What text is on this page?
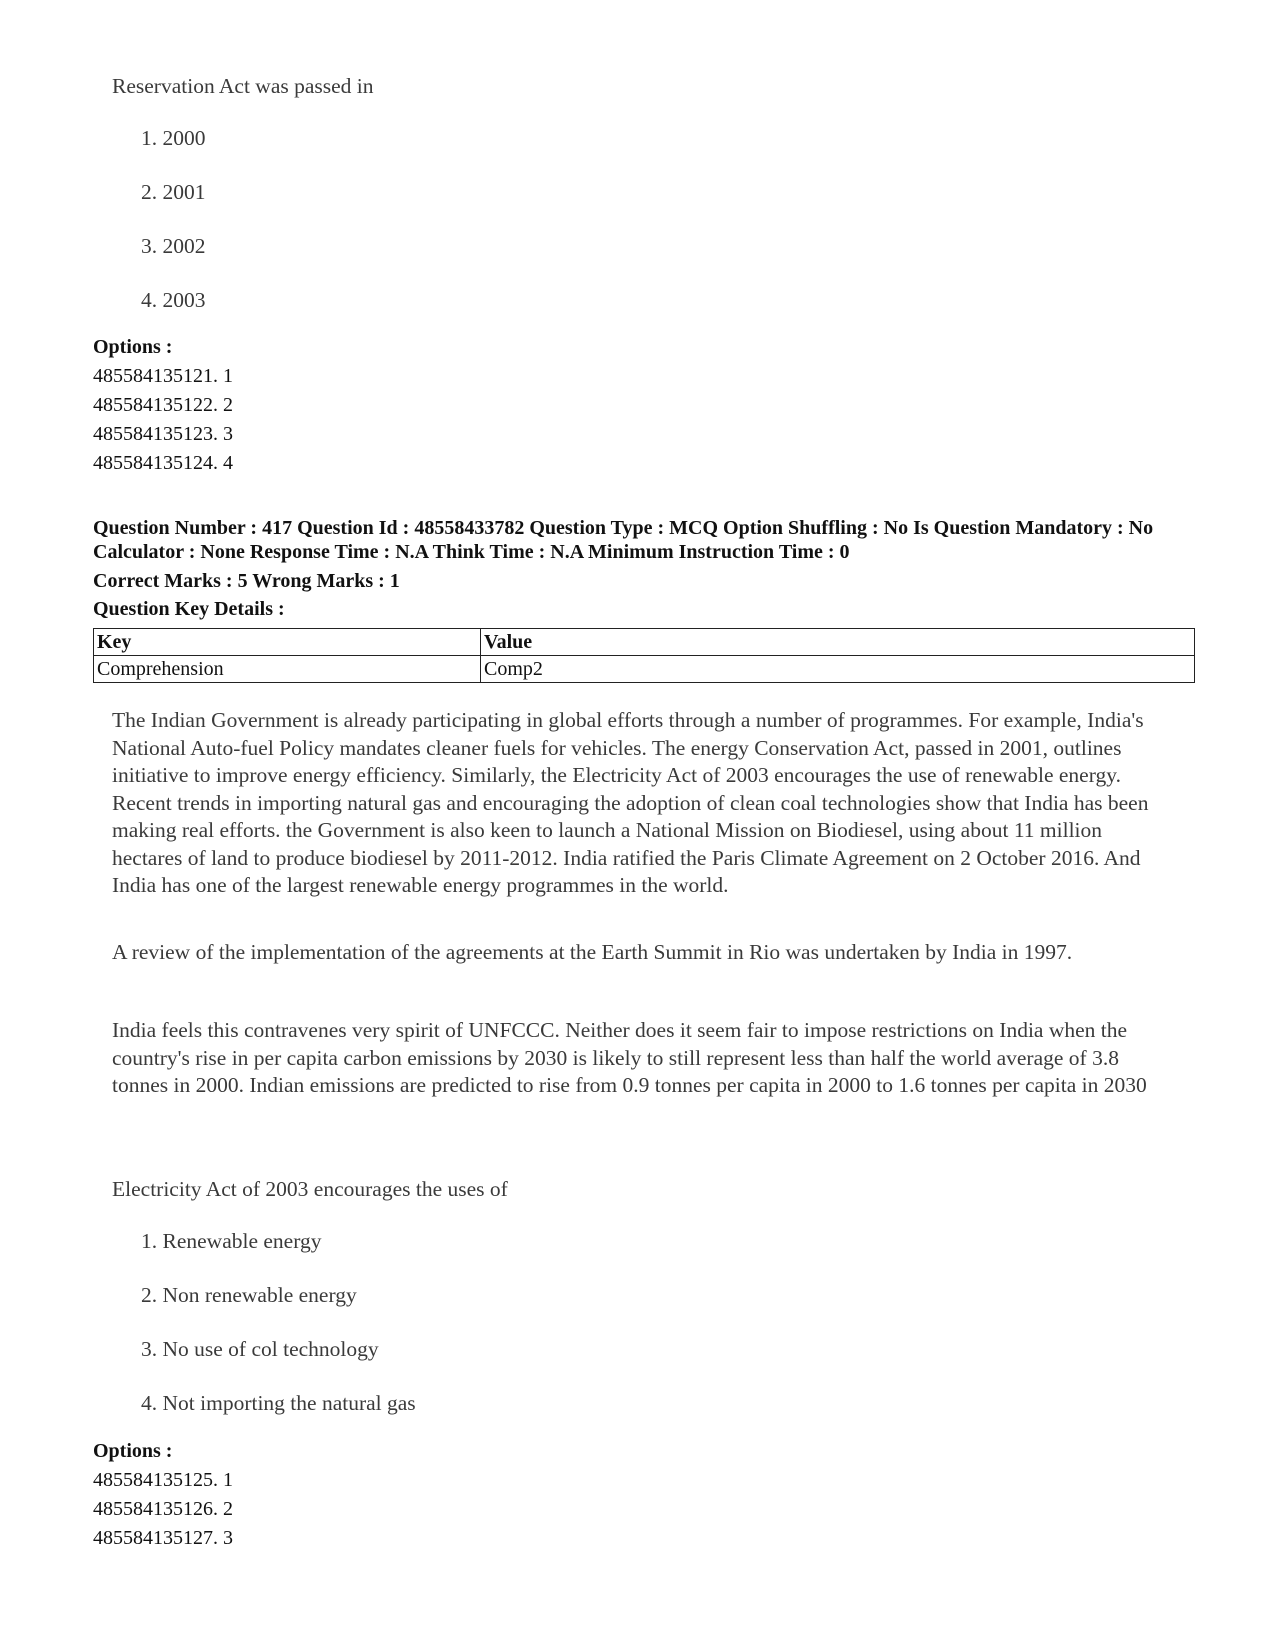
Reservation Act was passed in
1. 2000
2. 2001
3. 2002
4. 2003
Options :
485584135121. 1
485584135122. 2
485584135123. 3
485584135124. 4
Question Number : 417 Question Id : 48558433782 Question Type : MCQ Option Shuffling : No Is Question Mandatory : No Calculator : None Response Time : N.A Think Time : N.A Minimum Instruction Time : 0
Correct Marks : 5 Wrong Marks : 1
Question Key Details :
Key	Value
Comprehension	Comp2

The Indian Government is already participating in global efforts through a number of programmes. For example, India's National Auto-fuel Policy mandates cleaner fuels for vehicles. The energy Conservation Act, passed in 2001, outlines initiative to improve energy efficiency. Similarly, the Electricity Act of 2003 encourages the use of renewable energy. Recent trends in importing natural gas and encouraging the adoption of clean coal technologies show that India has been making real efforts. the Government is also keen to launch a National Mission on Biodiesel, using about 11 million hectares of land to produce biodiesel by 2011-2012. India ratified the Paris Climate Agreement on 2 October 2016. And India has one of the largest renewable energy programmes in the world.

A review of the implementation of the agreements at the Earth Summit in Rio was undertaken by India in 1997.

India feels this contravenes very spirit of UNFCCC. Neither does it seem fair to impose restrictions on India when the country's rise in per capita carbon emissions by 2030 is likely to still represent less than half the world average of 3.8 tonnes in 2000. Indian emissions are predicted to rise from 0.9 tonnes per capita in 2000 to 1.6 tonnes per capita in 2030

Electricity Act of 2003 encourages the uses of
1. Renewable energy
2. Non renewable energy
3. No use of col technology
4. Not importing the natural gas
Options :
485584135125. 1
485584135126. 2
485584135127. 3
